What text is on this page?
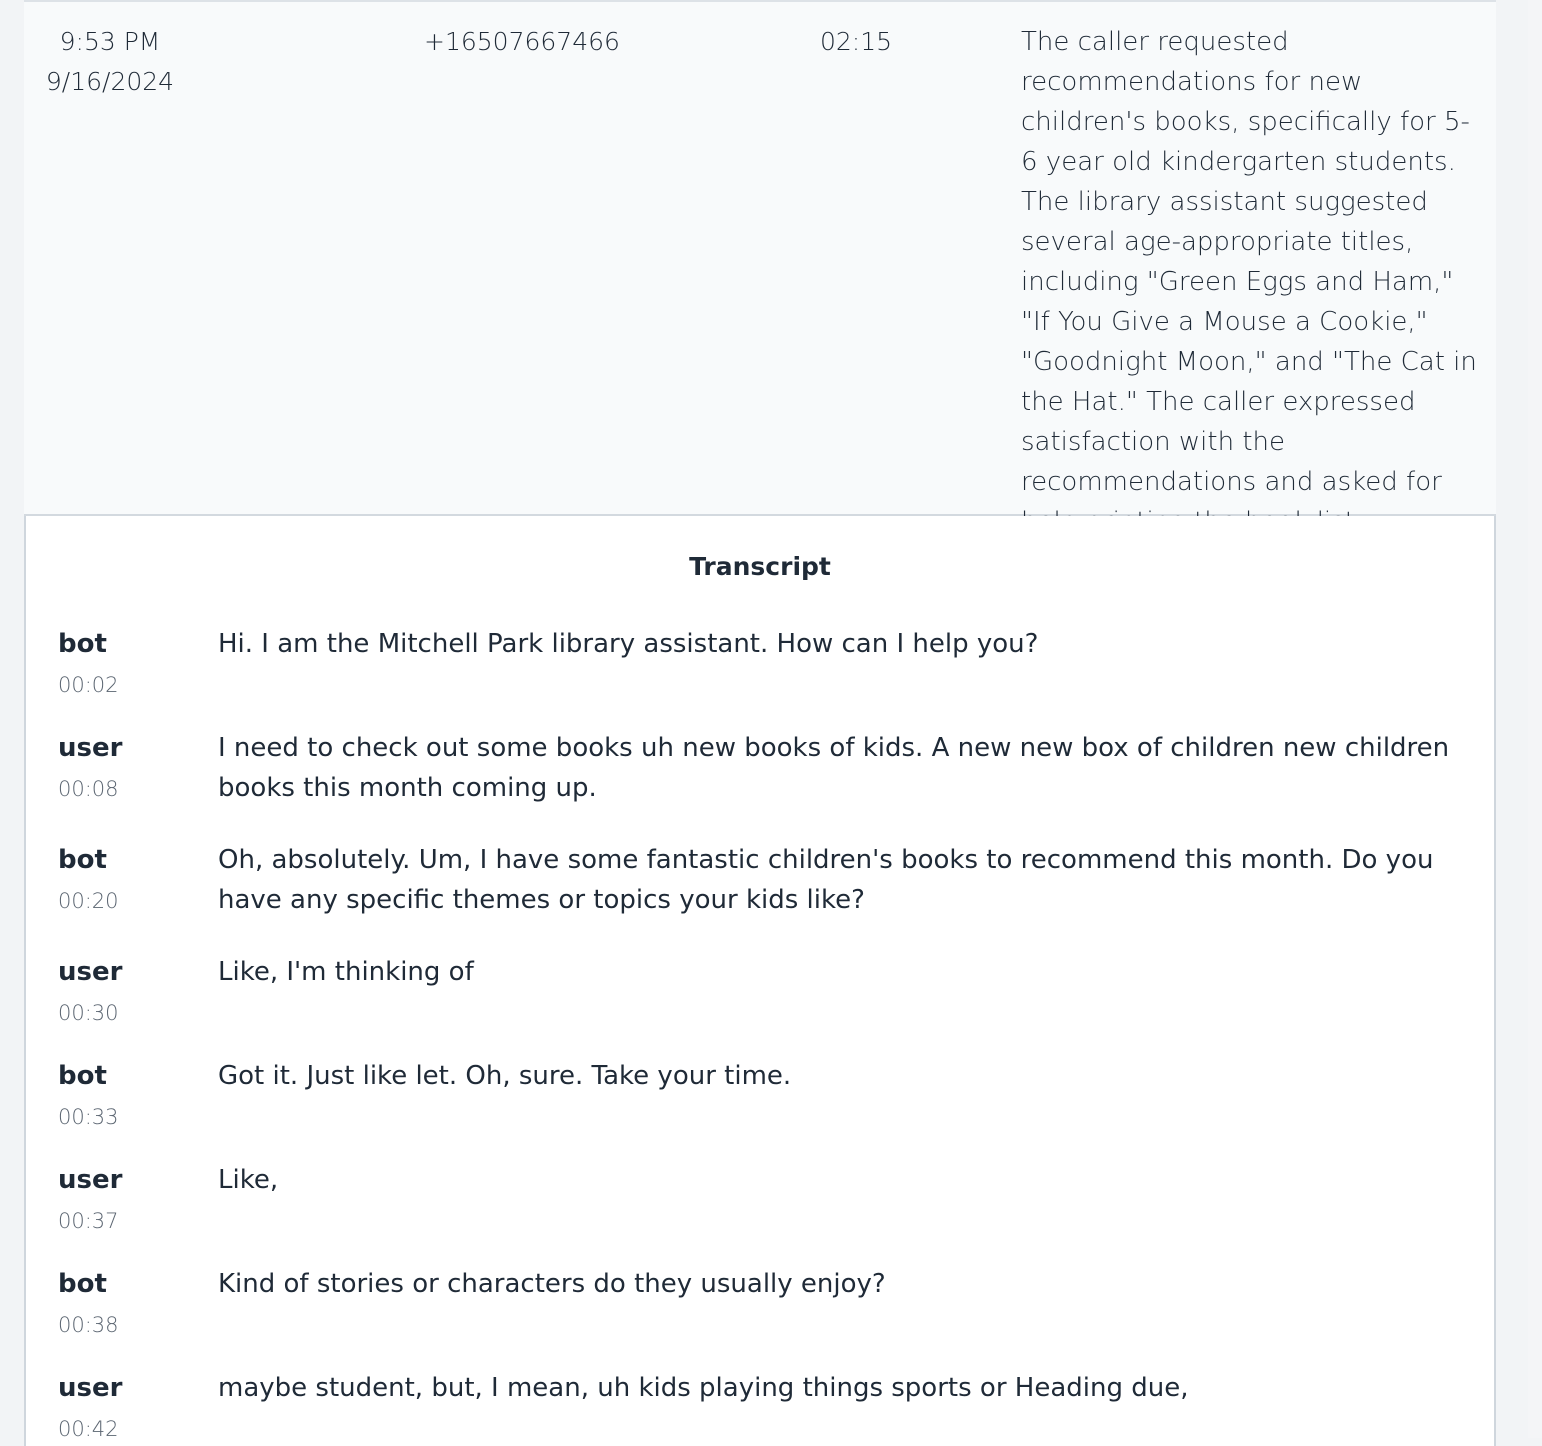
9:53 PM
9/16/2024
+16507667466	02:15	The caller requested recommendations for new children's books, specifically for 5-6 year old kindergarten students. The library assistant suggested several age-appropriate titles, including "Green Eggs and Ham," "If You Give a Mouse a Cookie," "Goodnight Moon," and "The Cat in the Hat." The caller expressed satisfaction with the recommendations and asked for
Transcript
bot
00:02
Hi. I am the Mitchell Park library assistant. How can I help you?
user
00:08
I need to check out some books uh new books of kids. A new new box of children new children books this month coming up.
bot
00:20
Oh, absolutely. Um, I have some fantastic children's books to recommend this month. Do you have any specific themes or topics your kids like?
user
00:30
Like, I'm thinking of
bot
00:33
Got it. Just like let. Oh, sure. Take your time.
user
00:37
Like,
bot
00:38
Kind of stories or characters do they usually enjoy?
user
00:42
maybe student, but, I mean, uh kids playing things sports or Heading due,
